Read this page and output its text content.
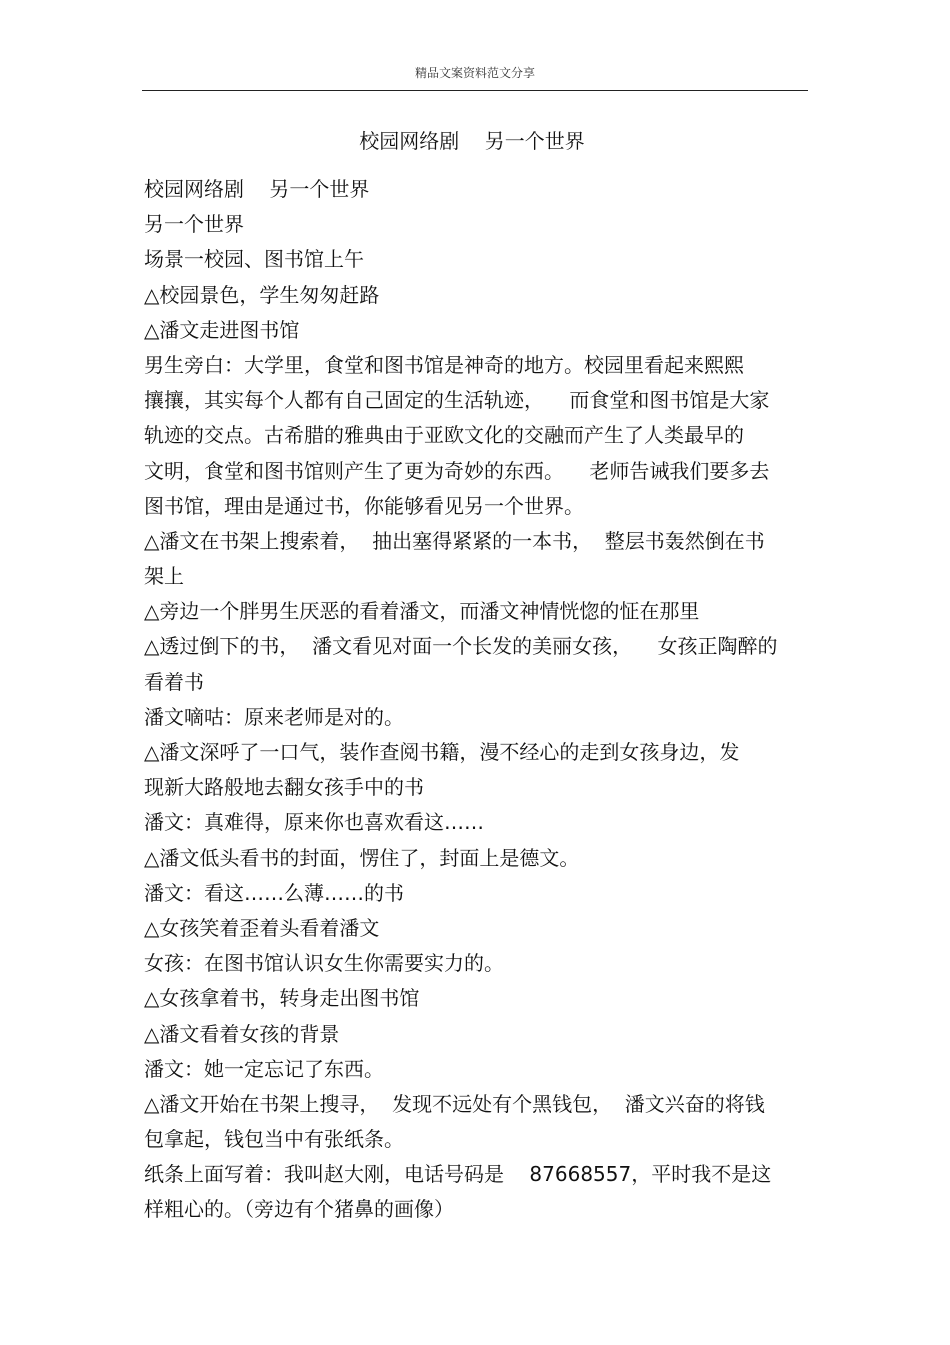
精品文案资料范文分享
校园网络剧    另一个世界
校园网络剧    另一个世界
另一个世界
场景一校园、图书馆上午
△校园景色，学生匆匆赶路
△潘文走进图书馆
男生旁白：大学里，食堂和图书馆是神奇的地方。校园里看起来熙熙
攘攘，其实每个人都有自己固定的生活轨迹，    而食堂和图书馆是大家
轨迹的交点。古希腊的雅典由于亚欧文化的交融而产生了人类最早的
文明，食堂和图书馆则产生了更为奇妙的东西。    老师告诫我们要多去
图书馆，理由是通过书，你能够看见另一个世界。
△潘文在书架上搜索着，  抽出塞得紧紧的一本书，  整层书轰然倒在书
架上
△旁边一个胖男生厌恶的看着潘文，而潘文神情恍惚的怔在那里
△透过倒下的书，  潘文看见对面一个长发的美丽女孩，    女孩正陶醉的
看着书
潘文嘀咕：原来老师是对的。
△潘文深呼了一口气，装作查阅书籍，漫不经心的走到女孩身边，发
现新大路般地去翻女孩手中的书
潘文：真难得，原来你也喜欢看这……
△潘文低头看书的封面，愣住了，封面上是德文。
潘文：看这……么薄……的书
△女孩笑着歪着头看着潘文
女孩：在图书馆认识女生你需要实力的。
△女孩拿着书，转身走出图书馆
△潘文看着女孩的背景
潘文：她一定忘记了东西。
△潘文开始在书架上搜寻，  发现不远处有个黑钱包，  潘文兴奋的将钱
包拿起，钱包当中有张纸条。
纸条上面写着：我叫赵大刚，电话号码是    87668557，平时我不是这
样粗心的。（旁边有个猪鼻的画像）
